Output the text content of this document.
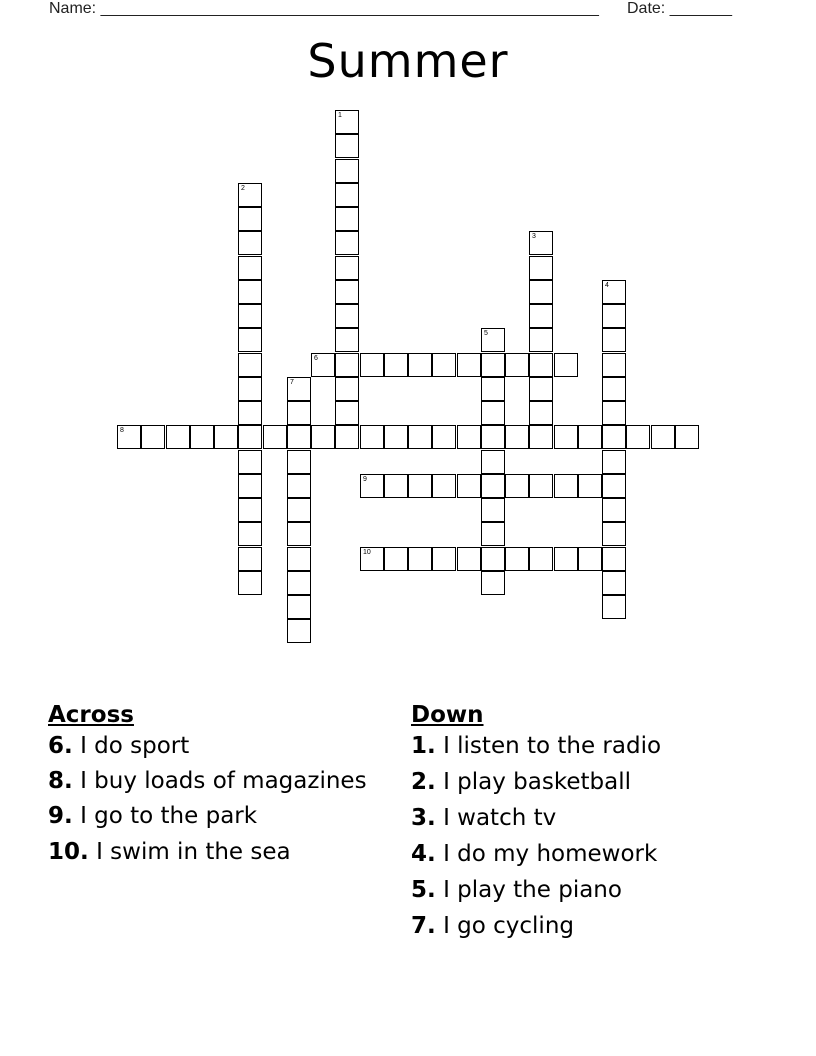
Name: ________________________________________________________ Date: _______
Summer
1
2
3
4
5
6
7
8
9
10
Across
6. I do sport
8. I buy loads of magazines
9. I go to the park
10. I swim in the sea
Down
1. I listen to the radio
2. I play basketball
3. I watch tv
4. I do my homework
5. I play the piano
7. I go cycling
